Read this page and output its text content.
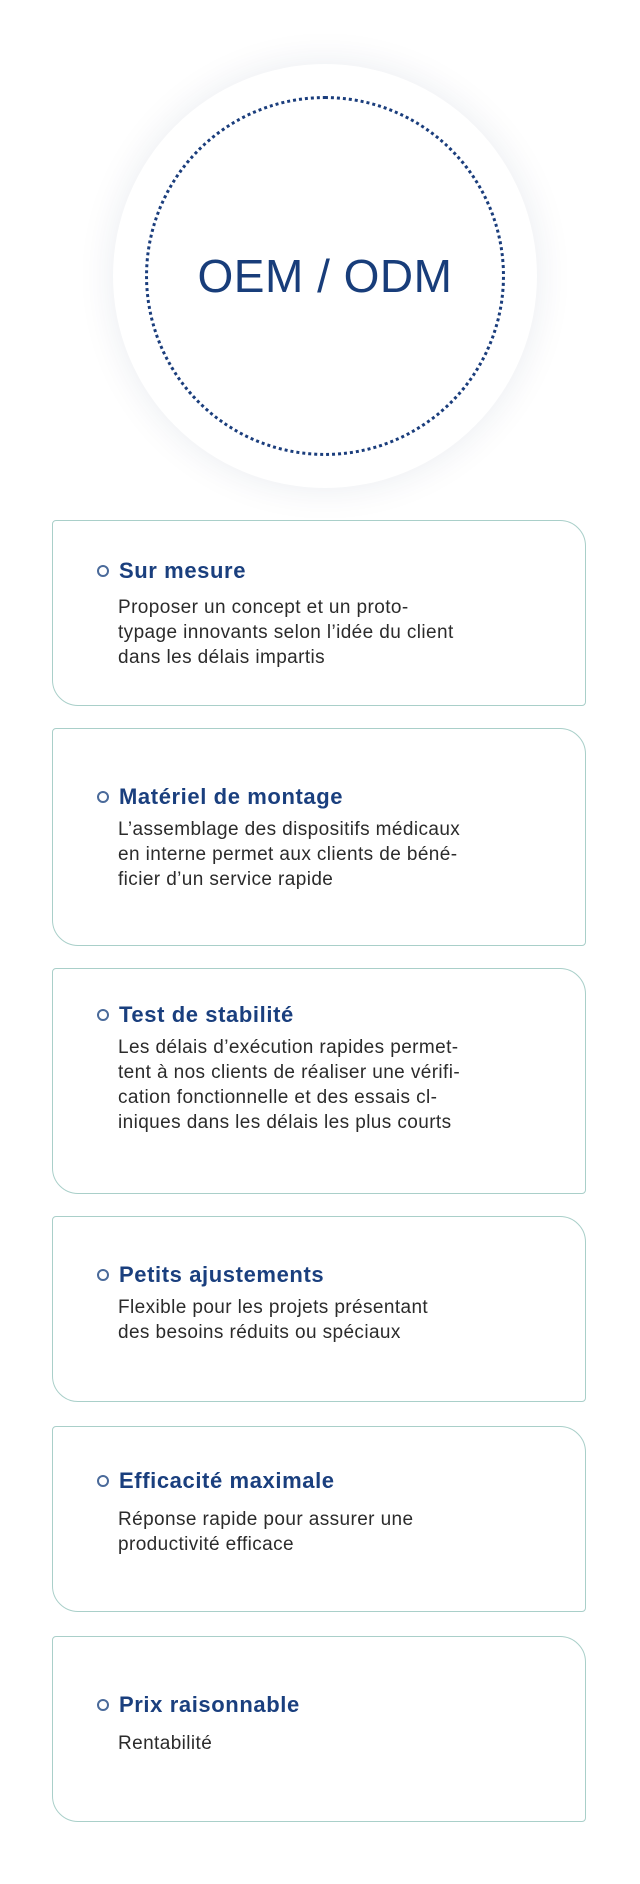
OEM / ODM
Sur mesure
Proposer un concept et un proto-
typage innovants selon l’idée du client
dans les délais impartis
Matériel de montage
L’assemblage des dispositifs médicaux
en interne permet aux clients de béné-
ficier d’un service rapide
Test de stabilité
Les délais d’exécution rapides permet-
tent à nos clients de réaliser une vérifi-
cation fonctionnelle et des essais cl-
iniques dans les délais les plus courts
Petits ajustements
Flexible pour les projets présentant
des besoins réduits ou spéciaux
Efficacité maximale
Réponse rapide pour assurer une
productivité efficace
Prix raisonnable
Rentabilité
